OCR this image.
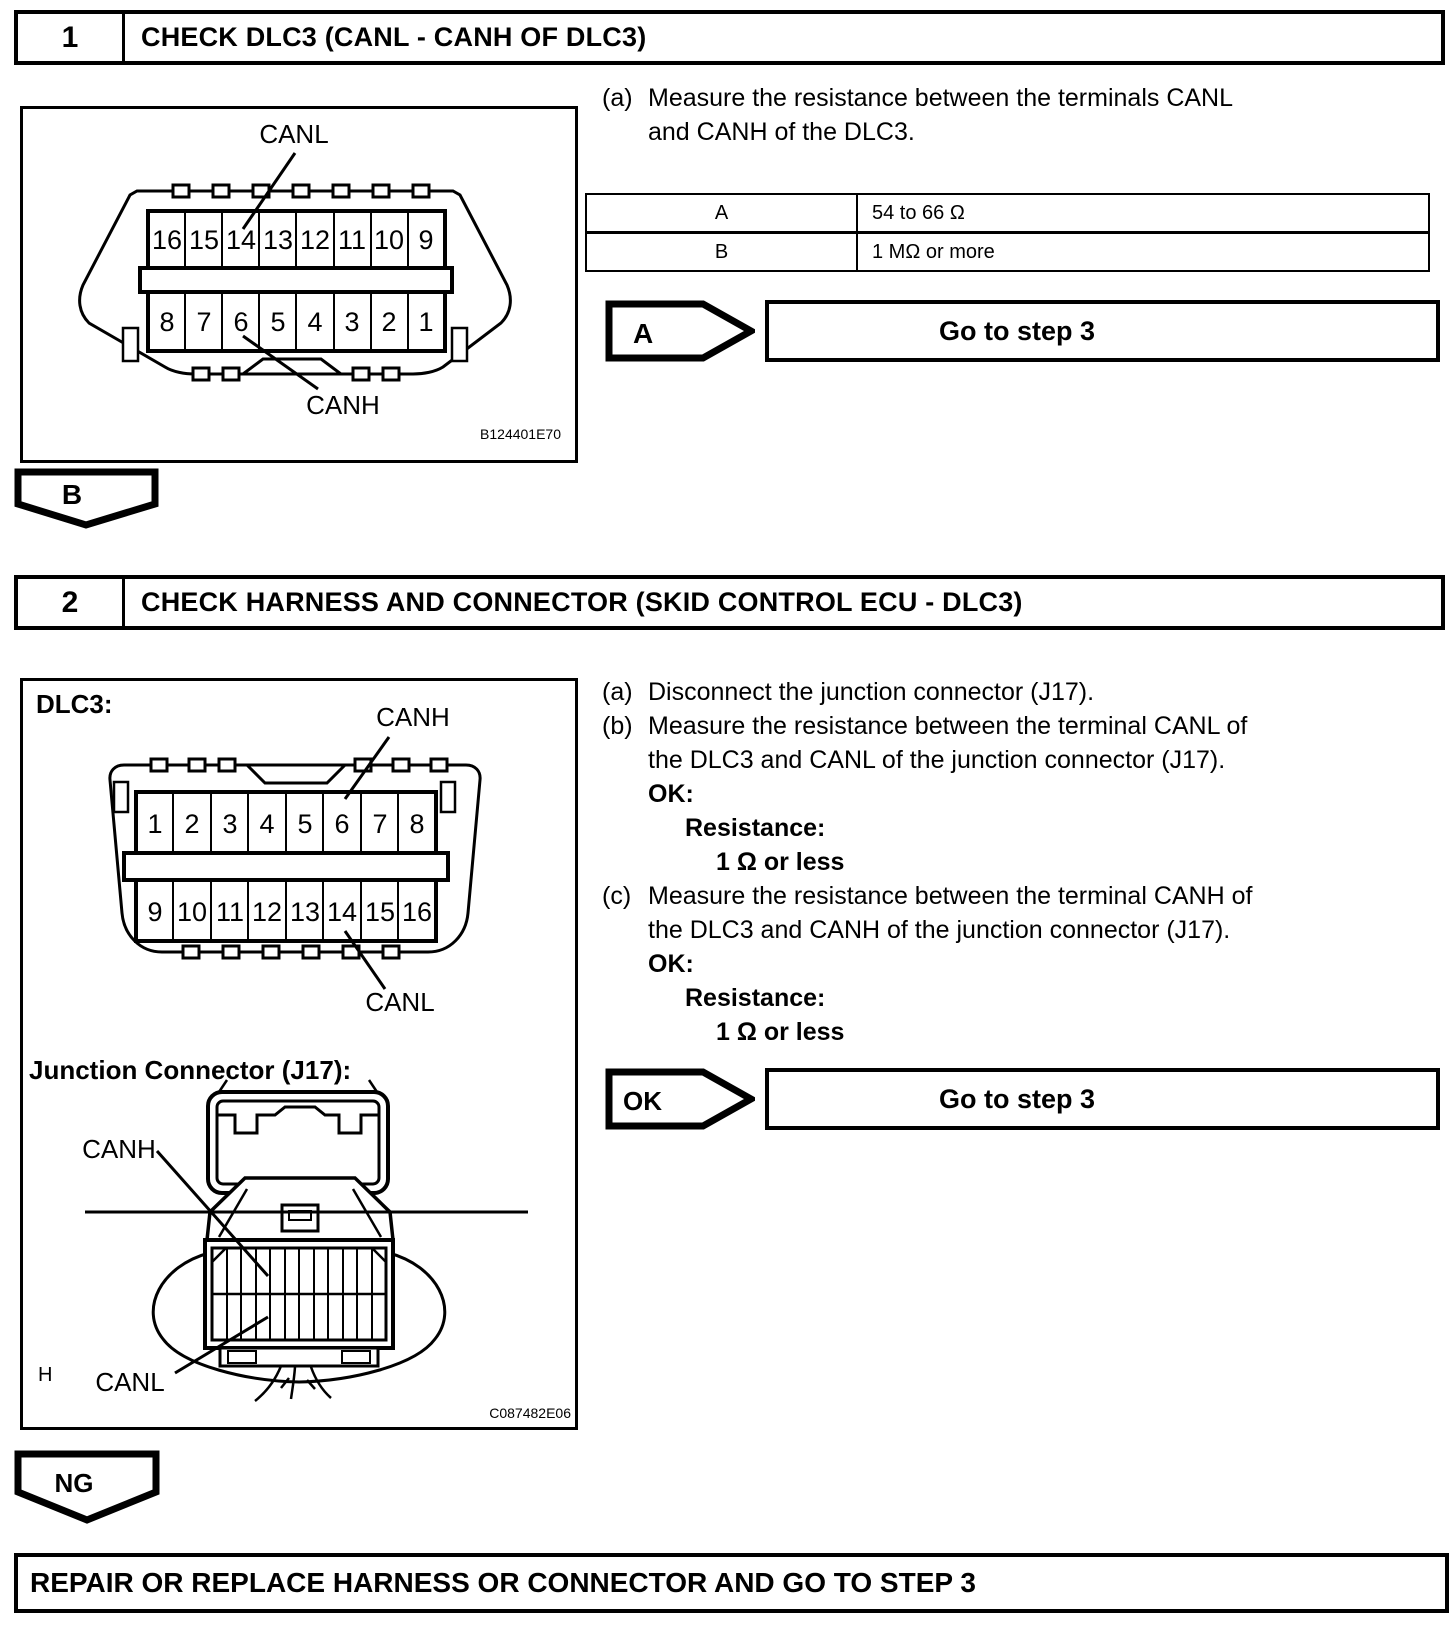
1	CHECK DLC3 (CANL - CANH OF DLC3)
16 15 14 13 12 11 10 9
8 7 6 5 4 3 2 1
CANL
CANH
B124401E70
(a) Measure the resistance between the terminals CANL
and CANH of the DLC3.
A	54 to 66 Ω
B	1 MΩ or more
A	Go to step 3
B
2	CHECK HARNESS AND CONNECTOR (SKID CONTROL ECU - DLC3)
DLC3:
1 2 3 4 5 6 7 8
9 10 11 12 13 14 15 16
CANH
CANL
Junction Connector (J17):
CANH
CANL
H
C087482E06
(a) Disconnect the junction connector (J17).
(b) Measure the resistance between the terminal CANL of
the DLC3 and CANL of the junction connector (J17).
OK:
Resistance:
1 Ω or less
(c) Measure the resistance between the terminal CANH of
the DLC3 and CANH of the junction connector (J17).
OK:
Resistance:
1 Ω or less
OK	Go to step 3
NG
REPAIR OR REPLACE HARNESS OR CONNECTOR AND GO TO STEP 3
